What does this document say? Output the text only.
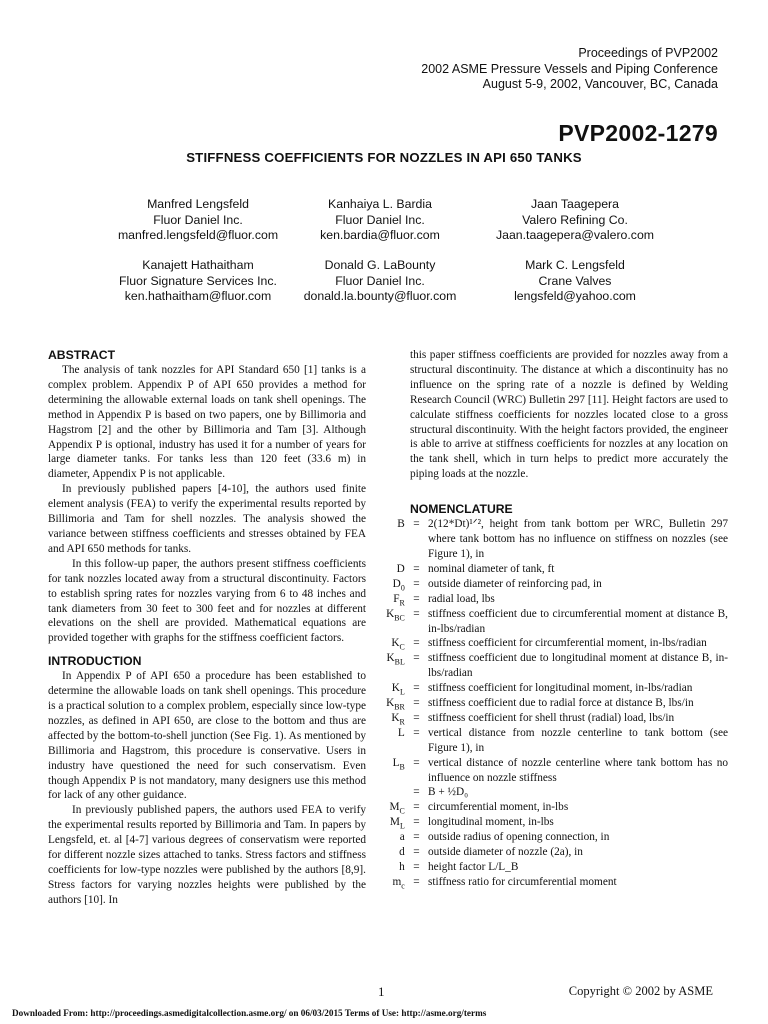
Proceedings of PVP2002
2002 ASME Pressure Vessels and Piping Conference
August 5-9, 2002, Vancouver, BC, Canada
PVP2002-1279
STIFFNESS COEFFICIENTS FOR NOZZLES IN API 650 TANKS
Manfred Lengsfeld
Fluor Daniel Inc.
manfred.lengsfeld@fluor.com
Kanhaiya L. Bardia
Fluor Daniel Inc.
ken.bardia@fluor.com
Jaan Taagepera
Valero Refining Co.
Jaan.taagepera@valero.com
Kanajett Hathaitham
Fluor Signature Services Inc.
ken.hathaitham@fluor.com
Donald G. LaBounty
Fluor Daniel Inc.
donald.la.bounty@fluor.com
Mark C. Lengsfeld
Crane Valves
lengsfeld@yahoo.com
ABSTRACT

The analysis of tank nozzles for API Standard 650 [1] tanks is a complex problem. Appendix P of API 650 provides a method for determining the allowable external loads on tank shell openings. The method in Appendix P is based on two papers, one by Billimoria and Hagstrom [2] and the other by Billimoria and Tam [3]. Although Appendix P is optional, industry has used it for a number of years for large diameter tanks. For tanks less than 120 feet (33.6 m) in diameter, Appendix P is not applicable.

In previously published papers [4-10], the authors used finite element analysis (FEA) to verify the experimental results reported by Billimoria and Tam for shell nozzles. The analysis showed the variance between stiffness coefficients and stresses obtained by FEA and API 650 methods for tanks.

In this follow-up paper, the authors present stiffness coefficients for tank nozzles located away from a structural discontinuity. Factors to establish spring rates for nozzles varying from 6 to 48 inches and tank diameters from 30 feet to 300 feet and for nozzles at different elevations on the shell are provided. Mathematical equations are provided together with graphs for the stiffness coefficient factors.

INTRODUCTION

In Appendix P of API 650 a procedure has been established to determine the allowable loads on tank shell openings. This procedure is a practical solution to a complex problem, especially since low-type nozzles, as defined in API 650, are close to the bottom and thus are affected by the bottom-to-shell junction (See Fig. 1). As mentioned by Billimoria and Hagstrom, this procedure is conservative. Users in industry have questioned the need for such conservatism. Even though Appendix P is not mandatory, many designers use this method for lack of any other guidance.

In previously published papers, the authors used FEA to verify the experimental results reported by Billimoria and Tam. In papers by Lengsfeld, et. al [4-7] various degrees of conservatism were reported for different nozzle sizes attached to tanks. Stress factors and stiffness coefficients for low-type nozzles were published by the authors [8,9]. Stress factors for varying nozzles heights were published by the authors [10]. In

this paper stiffness coefficients are provided for nozzles away from a structural discontinuity. The distance at which a discontinuity has no influence on the spring rate of a nozzle is defined by Welding Research Council (WRC) Bulletin 297 [11]. Height factors are used to calculate stiffness coefficients for nozzles located close to a gross structural discontinuity. With the height factors provided, the engineer is able to arrive at stiffness coefficients for nozzles at any location on the tank shell, which in turn helps to predict more accurately the piping loads at the nozzle.

NOMENCLATURE
B = 2(12*Dt)¹ᐟ², height from tank bottom per WRC, Bulletin 297 where tank bottom has no influence on stiffness on nozzles (see Figure 1), in
D = nominal diameter of tank, ft
$D_0$ = outside diameter of reinforcing pad, in
$F_R$ = radial load, lbs
$K_{BC}$ = stiffness coefficient due to circumferential moment at distance B, in-lbs/radian
$K_C$ = stiffness coefficient for circumferential moment, in-lbs/radian
$K_{BL}$ = stiffness coefficient due to longitudinal moment at distance B, in-lbs/radian
$K_L$ = stiffness coefficient for longitudinal moment, in-lbs/radian
$K_{BR}$ = stiffness coefficient due to radial force at distance B, lbs/in
$K_R$ = stiffness coefficient for shell thrust (radial) load, lbs/in
L = vertical distance from nozzle centerline to tank bottom (see Figure 1), in
$L_B$ = vertical distance of nozzle centerline where tank bottom has no influence on nozzle stiffness
= B + ½D₀
$M_C$ = circumferential moment, in-lbs
$M_L$ = longitudinal moment, in-lbs
a = outside radius of opening connection, in
d = outside diameter of nozzle (2a), in
h = height factor L/L_B
$m_c$ = stiffness ratio for circumferential moment
1	Copyright © 2002 by ASME
Downloaded From: http://proceedings.asmedigitalcollection.asme.org/ on 06/03/2015 Terms of Use: http://asme.org/terms
